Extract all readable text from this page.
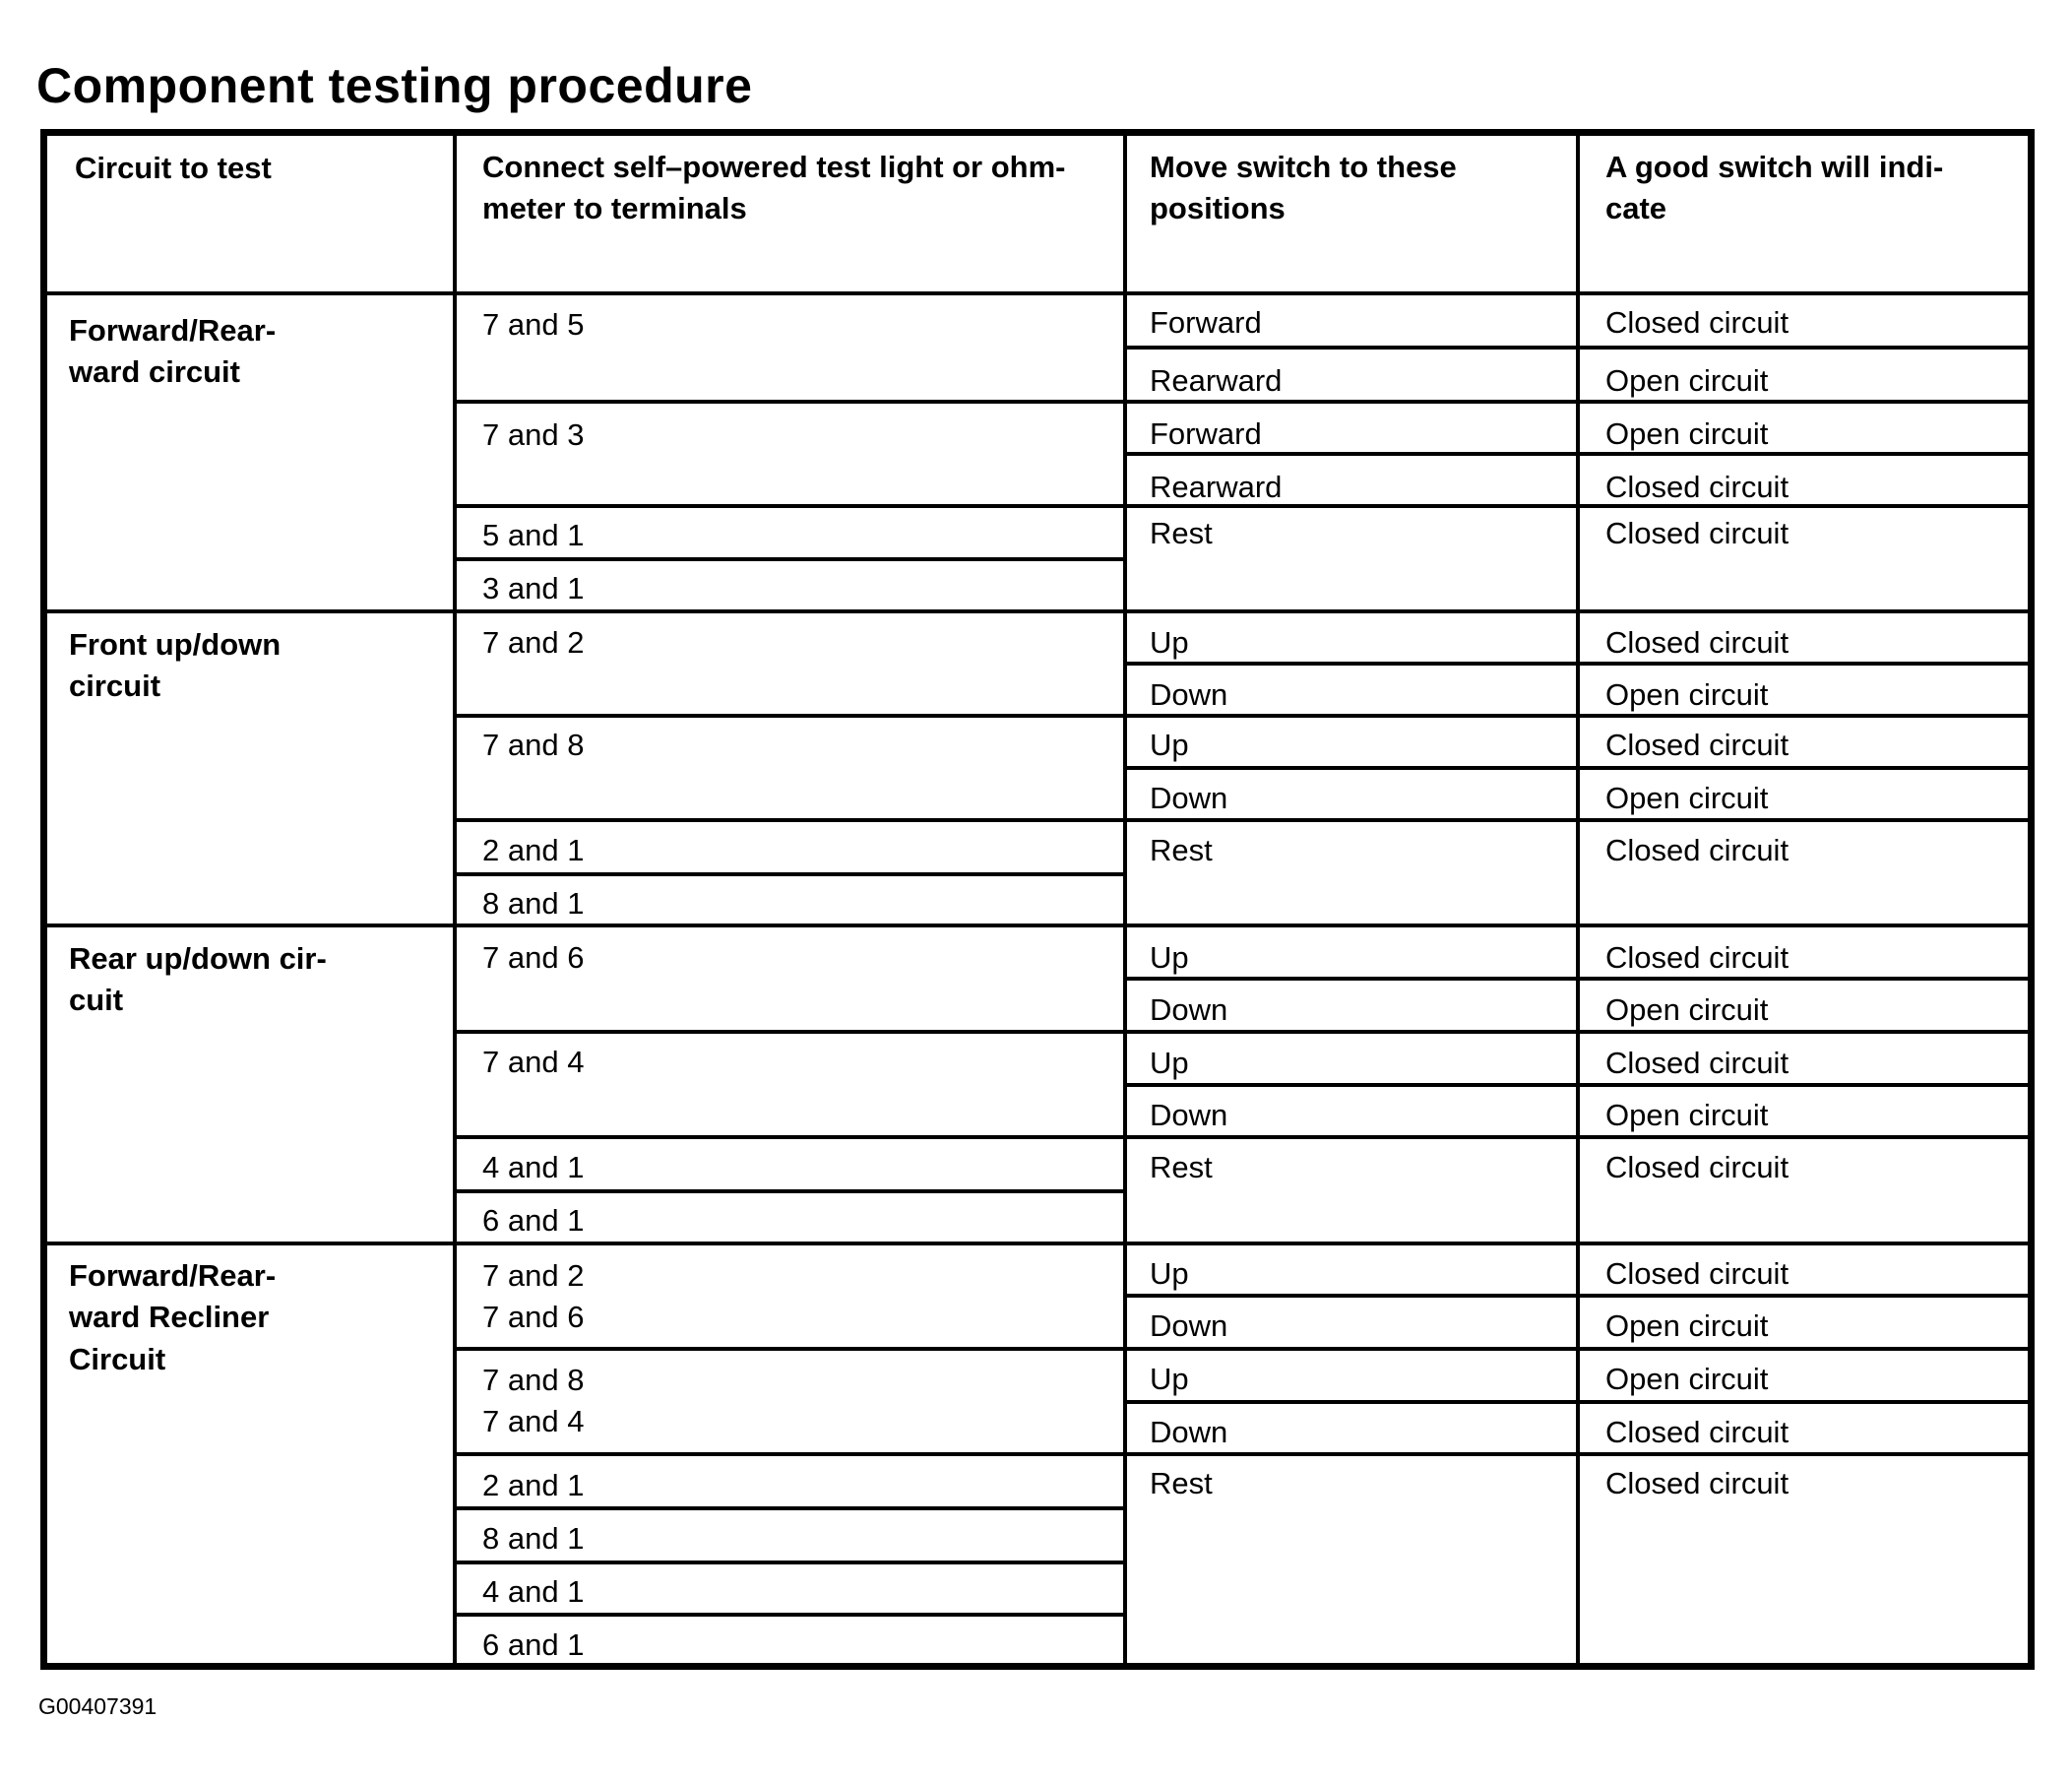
Component testing procedure
Circuit to test	Connect self–powered test light or ohm-
meter to terminals
Move switch to these
positions
A good switch will indi-
cate
Forward/Rear-
ward circuit
7 and 5
7 and 3
5 and 1
3 and 1
Forward
Rearward
Forward
Rearward
Rest
Closed circuit
Open circuit
Open circuit
Closed circuit
Closed circuit
Front up/down
circuit
7 and 2
7 and 8
2 and 1
8 and 1
Up
Down
Up
Down
Rest
Closed circuit
Open circuit
Closed circuit
Open circuit
Closed circuit
Rear up/down cir-
cuit
7 and 6
7 and 4
4 and 1
6 and 1
Up
Down
Up
Down
Rest
Closed circuit
Open circuit
Closed circuit
Open circuit
Closed circuit
Forward/Rear-
ward Recliner
Circuit
7 and 2
7 and 6
7 and 8
7 and 4
2 and 1
8 and 1
4 and 1
6 and 1
Up
Down
Up
Down
Rest
Closed circuit
Open circuit
Open circuit
Closed circuit
Closed circuit
G00407391
